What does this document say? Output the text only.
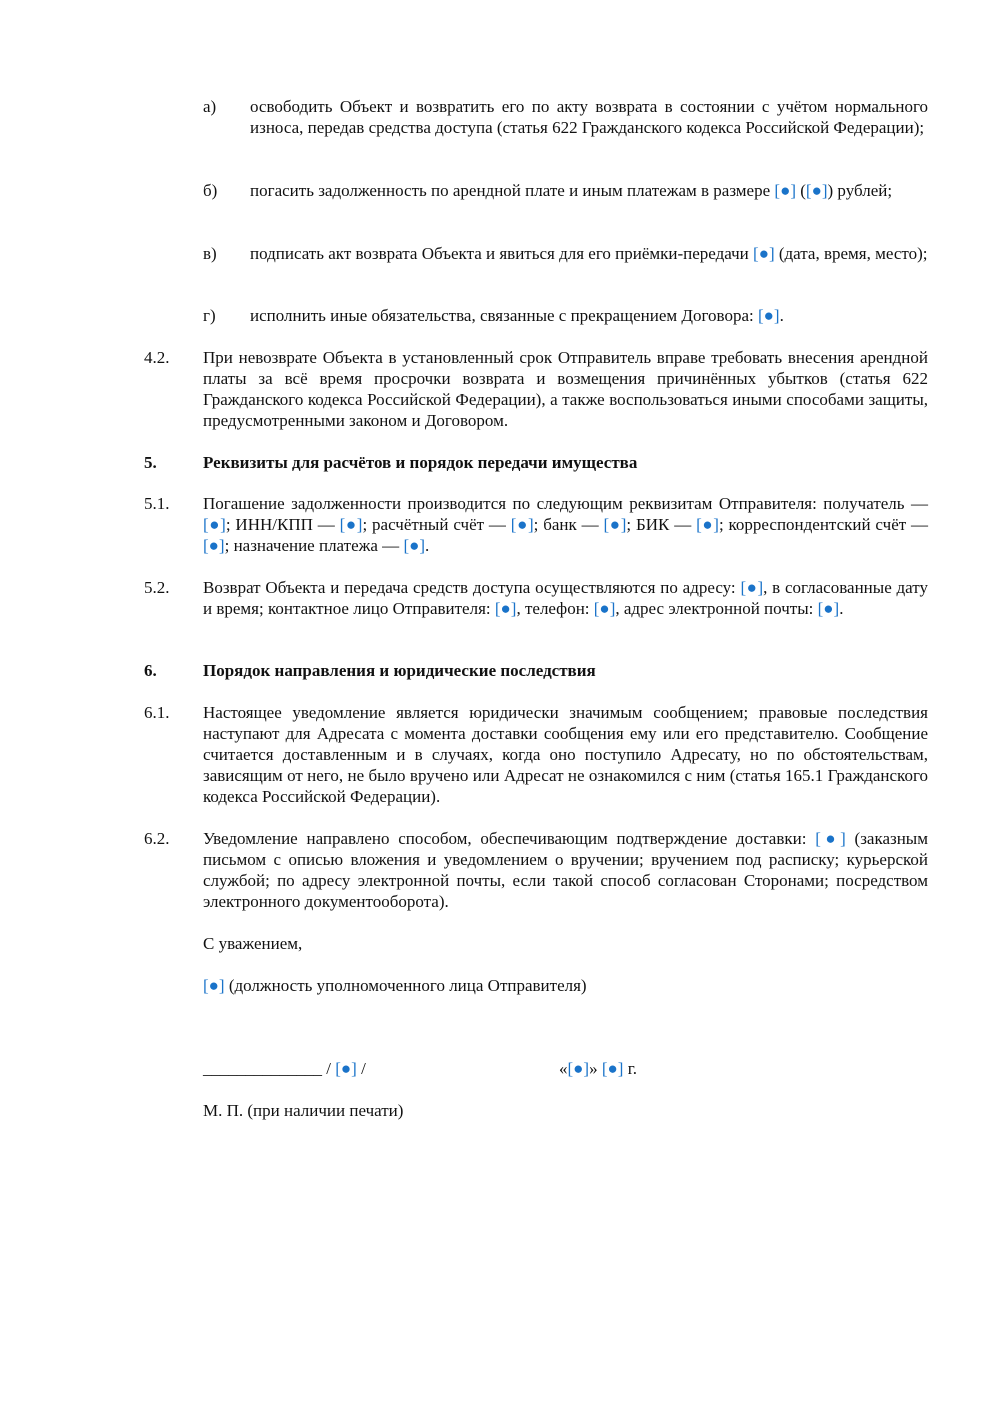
а) освободить Объект и возвратить его по акту возврата в состоянии с учётом нормального износа, передав средства доступа (статья 622 Гражданского кодекса Российской Федерации);
б) погасить задолженность по арендной плате и иным платежам в размере [●] ([●]) рублей;
в) подписать акт возврата Объекта и явиться для его приёмки-передачи [●] (дата, время, место);
г) исполнить иные обязательства, связанные с прекращением Договора: [●].
4.2. При невозврате Объекта в установленный срок Отправитель вправе требовать внесения арендной платы за всё время просрочки возврата и возмещения причинённых убытков (статья 622 Гражданского кодекса Российской Федерации), а также воспользоваться иными способами защиты, предусмотренными законом и Договором.
5.	Реквизиты для расчётов и порядок передачи имущества
5.1. Погашение задолженности производится по следующим реквизитам Отправителя: получатель — [●]; ИНН/КПП — [●]; расчётный счёт — [●]; банк — [●]; БИК — [●]; корреспондентский счёт — [●]; назначение платежа — [●].
5.2. Возврат Объекта и передача средств доступа осуществляются по адресу: [●], в согласованные дату и время; контактное лицо Отправителя: [●], телефон: [●], адрес электронной почты: [●].
6.	Порядок направления и юридические последствия
6.1. Настоящее уведомление является юридически значимым сообщением; правовые последствия наступают для Адресата с момента доставки сообщения ему или его представителю. Сообщение считается доставленным и в случаях, когда оно поступило Адресату, но по обстоятельствам, зависящим от него, не было вручено или Адресат не ознакомился с ним (статья 165.1 Гражданского кодекса Российской Федерации).
6.2. Уведомление направлено способом, обеспечивающим подтверждение доставки: [●] (заказным письмом с описью вложения и уведомлением о вручении; вручением под расписку; курьерской службой; по адресу электронной почты, если такой способ согласован Сторонами; посредством электронного документооборота).
С уважением,
[●] (должность уполномоченного лица Отправителя)
______________ / [●] /	«[●]» [●] г.
М. П. (при наличии печати)
